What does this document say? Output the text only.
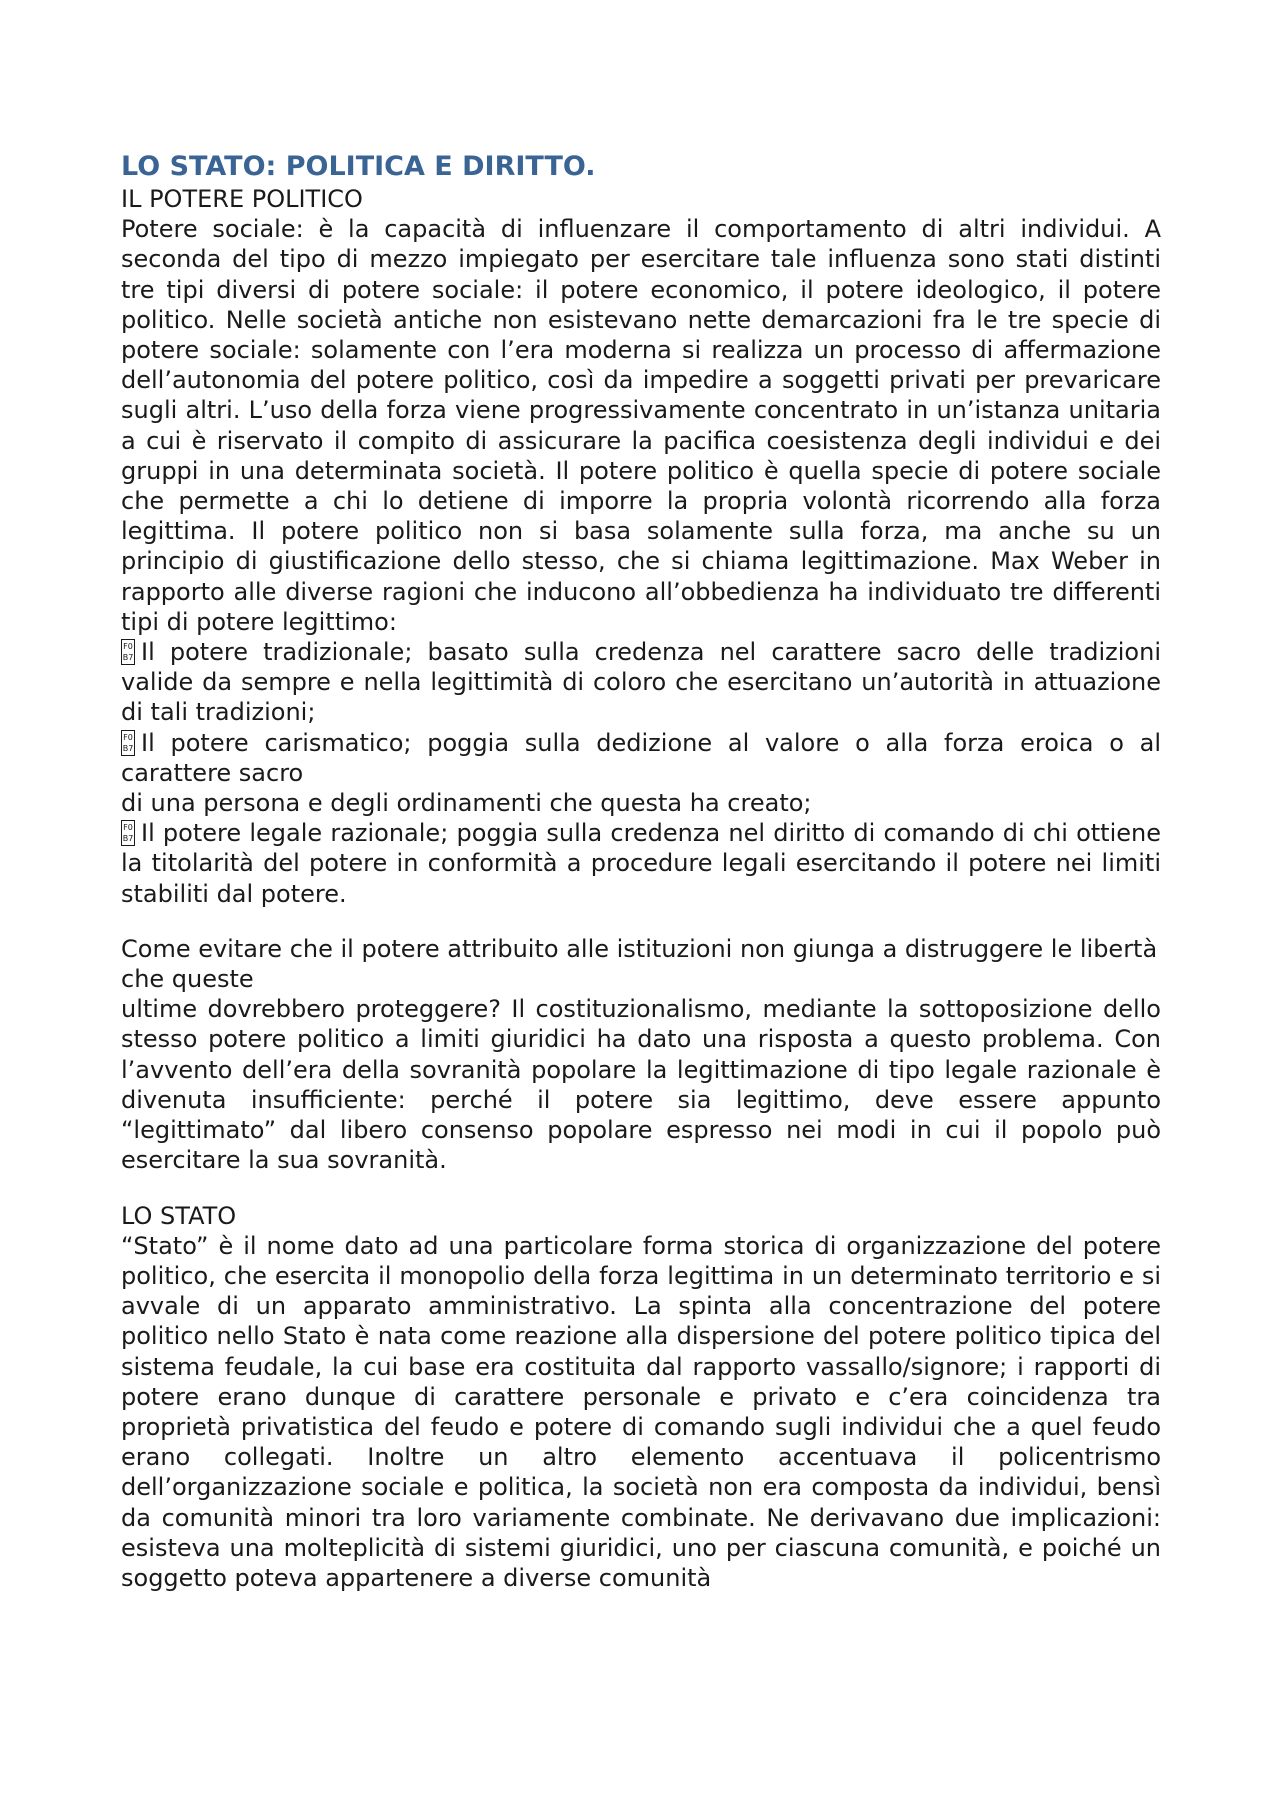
LO STATO: POLITICA E DIRITTO.
IL POTERE POLITICO

Potere sociale: è la capacità di influenzare il comportamento di altri individui. A seconda del tipo di mezzo impiegato per esercitare tale influenza sono stati distinti tre tipi diversi di potere sociale: il potere economico, il potere ideologico, il potere politico. Nelle società antiche non esistevano nette demarcazioni fra le tre specie di potere sociale: solamente con l’era moderna si realizza un processo di affermazione dell’autonomia del potere politico, così da impedire a soggetti privati per prevaricare sugli altri. L’uso della forza viene progressivamente concentrato in un’istanza unitaria a cui è riservato il compito di assicurare la pacifica coesistenza degli individui e dei gruppi in una determinata società. Il potere politico è quella specie di potere sociale che permette a chi lo detiene di imporre la propria volontà ricorrendo alla forza legittima. Il potere politico non si basa solamente sulla forza, ma anche su un principio di giustificazione dello stesso, che si chiama legittimazione. Max Weber in rapporto alle diverse ragioni che inducono all’obbedienza ha individuato tre differenti tipi di potere legittimo:

F0 B7Il potere tradizionale; basato sulla credenza nel carattere sacro delle tradizioni valide da sempre e nella legittimità di coloro che esercitano un’autorità in attuazione di tali tradizioni;

F0 B7Il potere carismatico; poggia sulla dedizione al valore o alla forza eroica o al carattere sacro

di una persona e degli ordinamenti che questa ha creato;

F0 B7Il potere legale razionale; poggia sulla credenza nel diritto di comando di chi ottiene la titolarità del potere in conformità a procedure legali esercitando il potere nei limiti stabiliti dal potere.

Come evitare che il potere attribuito alle istituzioni non giunga a distruggere le libertà che queste

ultime dovrebbero proteggere? Il costituzionalismo, mediante la sottoposizione dello stesso potere politico a limiti giuridici ha dato una risposta a questo problema. Con l’avvento dell’era della sovranità popolare la legittimazione di tipo legale razionale è divenuta insufficiente: perché il potere sia legittimo, deve essere appunto “legittimato” dal libero consenso popolare espresso nei modi in cui il popolo può esercitare la sua sovranità.

LO STATO

“Stato” è il nome dato ad una particolare forma storica di organizzazione del potere politico, che esercita il monopolio della forza legittima in un determinato territorio e si avvale di un apparato amministrativo. La spinta alla concentrazione del potere politico nello Stato è nata come reazione alla dispersione del potere politico tipica del sistema feudale, la cui base era costituita dal rapporto vassallo/signore; i rapporti di potere erano dunque di carattere personale e privato e c’era coincidenza tra proprietà privatistica del feudo e potere di comando sugli individui che a quel feudo erano collegati. Inoltre un altro elemento accentuava il policentrismo dell’organizzazione sociale e politica, la società non era composta da individui, bensì da comunità minori tra loro variamente combinate. Ne derivavano due implicazioni: esisteva una molteplicità di sistemi giuridici, uno per ciascuna comunità, e poiché un soggetto poteva appartenere a diverse comunità
